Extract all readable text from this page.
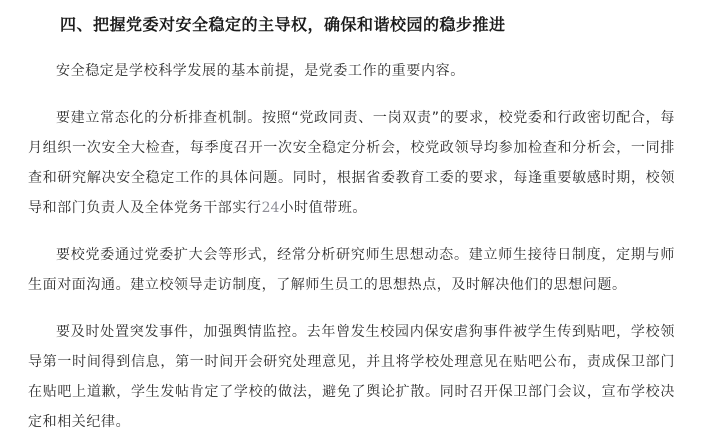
四、把握党委对安全稳定的主导权，确保和谐校园的稳步推进

安全稳定是学校科学发展的基本前提，是党委工作的重要内容。

要建立常态化的分析排查机制。按照“党政同责、一岗双责”的要求，校党委和行政密切配合，每月组织一次安全大检查，每季度召开一次安全稳定分析会，校党政领导均参加检查和分析会，一同排查和研究解决安全稳定工作的具体问题。同时，根据省委教育工委的要求，每逢重要敏感时期，校领导和部门负责人及全体党务干部实行24小时值带班。

要校党委通过党委扩大会等形式，经常分析研究师生思想动态。建立师生接待日制度，定期与师生面对面沟通。建立校领导走访制度，了解师生员工的思想热点，及时解决他们的思想问题。

要及时处置突发事件，加强舆情监控。去年曾发生校园内保安虐狗事件被学生传到贴吧，学校领导第一时间得到信息，第一时间开会研究处理意见，并且将学校处理意见在贴吧公布，责成保卫部门在贴吧上道歉，学生发帖肯定了学校的做法，避免了舆论扩散。同时召开保卫部门会议，宣布学校决定和相关纪律。
